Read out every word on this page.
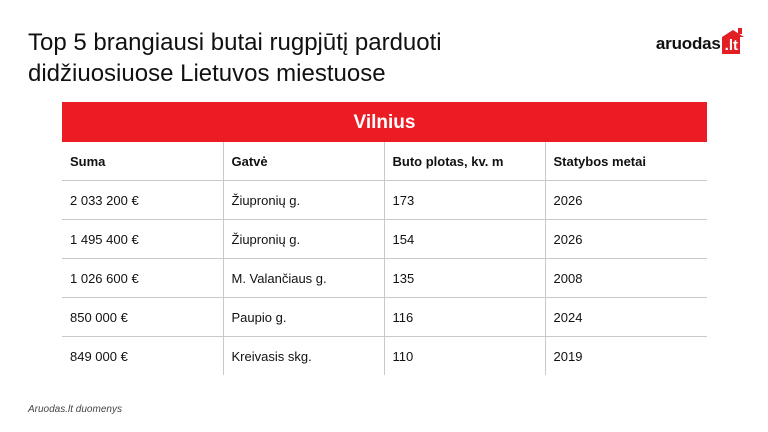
Top 5 brangiausi butai rugpjūtį parduoti
didžiuosiuose Lietuvos miestuose
aruodas .lt
Vilnius
Suma	Gatvė	Buto plotas, kv. m	Statybos metai
2 033 200 €	Žiupronių g.	173	2026
1 495 400 €	Žiupronių g.	154	2026
1 026 600 €	M. Valančiaus g.	135	2008
850 000 €	Paupio g.	116	2024
849 000 €	Kreivasis skg.	110	2019
Aruodas.lt duomenys
